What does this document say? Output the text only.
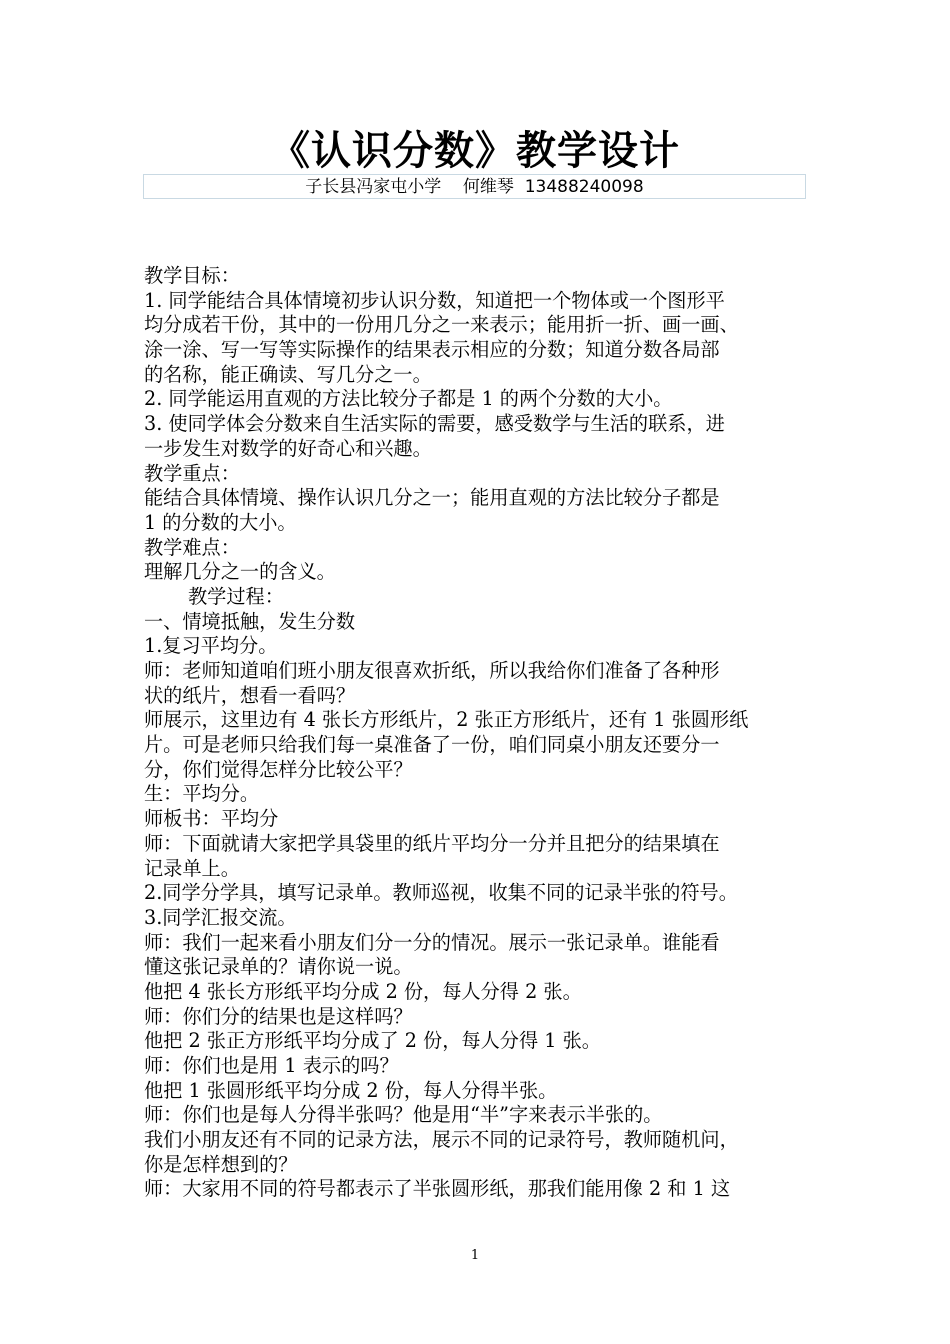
《认识分数》教学设计
子长县冯家屯小学    何维琴  13488240098
教学目标：
1. 同学能结合具体情境初步认识分数，知道把一个物体或一个图形平
均分成若干份，其中的一份用几分之一来表示；能用折一折、画一画、
涂一涂、写一写等实际操作的结果表示相应的分数；知道分数各局部
的名称，能正确读、写几分之一。
2. 同学能运用直观的方法比较分子都是 1 的两个分数的大小。
3. 使同学体会分数来自生活实际的需要，感受数学与生活的联系，进
一步发生对数学的好奇心和兴趣。
教学重点：
能结合具体情境、操作认识几分之一；能用直观的方法比较分子都是
1 的分数的大小。
教学难点：
理解几分之一的含义。
教学过程：
一、情境抵触，发生分数
1.复习平均分。
师：老师知道咱们班小朋友很喜欢折纸，所以我给你们准备了各种形
状的纸片，想看一看吗？
师展示，这里边有 4 张长方形纸片，2 张正方形纸片，还有 1 张圆形纸
片。可是老师只给我们每一桌准备了一份，咱们同桌小朋友还要分一
分，你们觉得怎样分比较公平？
生：平均分。
师板书：平均分
师：下面就请大家把学具袋里的纸片平均分一分并且把分的结果填在
记录单上。
2.同学分学具，填写记录单。教师巡视，收集不同的记录半张的符号。
3.同学汇报交流。
师：我们一起来看小朋友们分一分的情况。展示一张记录单。谁能看
懂这张记录单的？请你说一说。
他把 4 张长方形纸平均分成 2 份，每人分得 2 张。
师：你们分的结果也是这样吗？
他把 2 张正方形纸平均分成了 2 份，每人分得 1 张。
师：你们也是用 1 表示的吗？
他把 1 张圆形纸平均分成 2 份，每人分得半张。
师：你们也是每人分得半张吗？他是用“半”字来表示半张的。
我们小朋友还有不同的记录方法，展示不同的记录符号，教师随机问，
你是怎样想到的？
师：大家用不同的符号都表示了半张圆形纸，那我们能用像 2 和 1 这
1
